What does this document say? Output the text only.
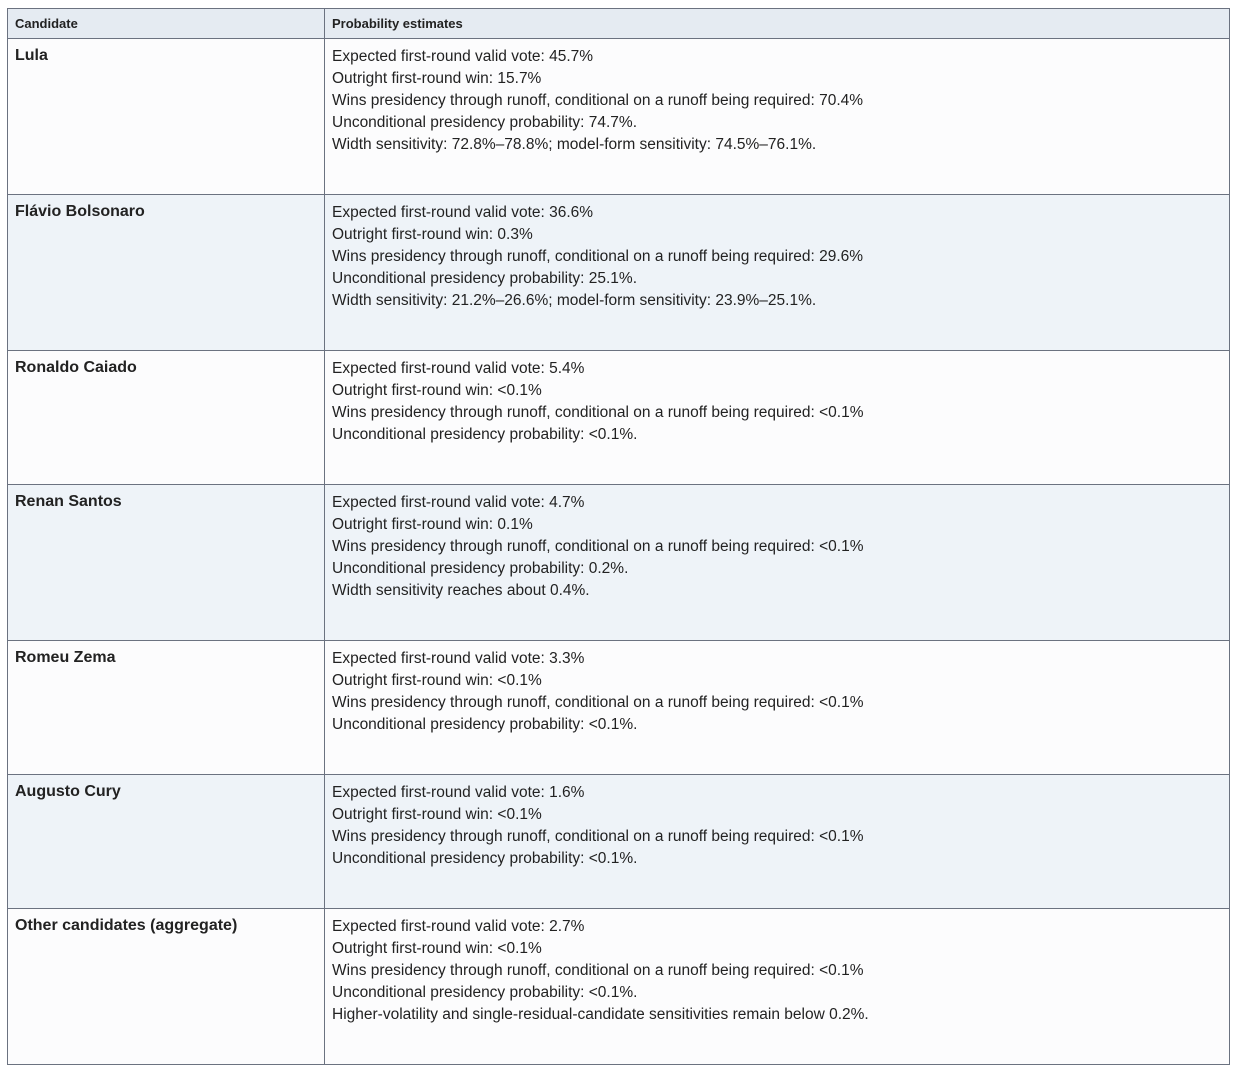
Candidate	Probability estimates
Lula	Expected first-round valid vote: 45.7%
Outright first-round win: 15.7%
Wins presidency through runoff, conditional on a runoff being required: 70.4%
Unconditional presidency probability: 74.7%.
Width sensitivity: 72.8%–78.8%; model-form sensitivity: 74.5%–76.1%.
Flávio Bolsonaro	Expected first-round valid vote: 36.6%
Outright first-round win: 0.3%
Wins presidency through runoff, conditional on a runoff being required: 29.6%
Unconditional presidency probability: 25.1%.
Width sensitivity: 21.2%–26.6%; model-form sensitivity: 23.9%–25.1%.
Ronaldo Caiado	Expected first-round valid vote: 5.4%
Outright first-round win: <0.1%
Wins presidency through runoff, conditional on a runoff being required: <0.1%
Unconditional presidency probability: <0.1%.
Renan Santos	Expected first-round valid vote: 4.7%
Outright first-round win: 0.1%
Wins presidency through runoff, conditional on a runoff being required: <0.1%
Unconditional presidency probability: 0.2%.
Width sensitivity reaches about 0.4%.
Romeu Zema	Expected first-round valid vote: 3.3%
Outright first-round win: <0.1%
Wins presidency through runoff, conditional on a runoff being required: <0.1%
Unconditional presidency probability: <0.1%.
Augusto Cury	Expected first-round valid vote: 1.6%
Outright first-round win: <0.1%
Wins presidency through runoff, conditional on a runoff being required: <0.1%
Unconditional presidency probability: <0.1%.
Other candidates (aggregate)	Expected first-round valid vote: 2.7%
Outright first-round win: <0.1%
Wins presidency through runoff, conditional on a runoff being required: <0.1%
Unconditional presidency probability: <0.1%.
Higher-volatility and single-residual-candidate sensitivities remain below 0.2%.
